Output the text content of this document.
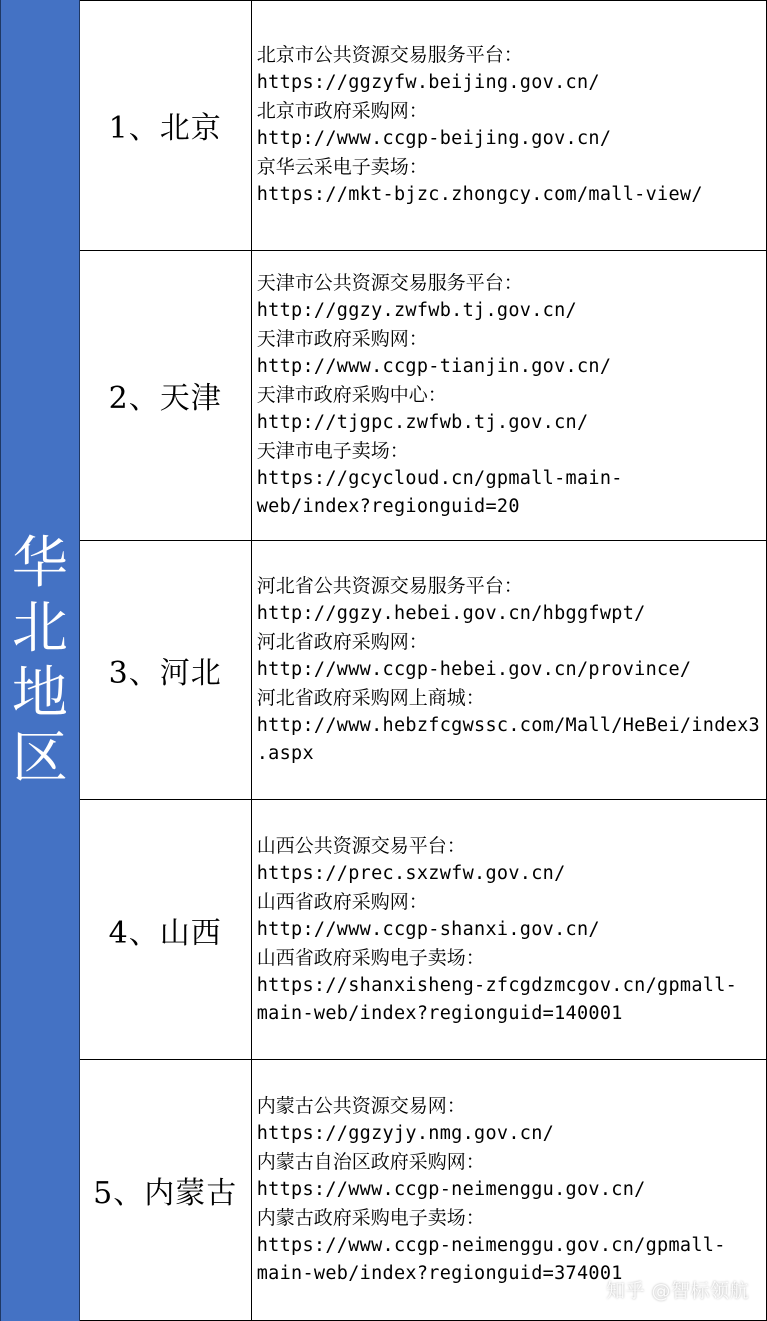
华北地区
1、北京
北京市公共资源交易服务平台：
https://ggzyfw.beijing.gov.cn/
北京市政府采购网：
http://www.ccgp-beijing.gov.cn/
京华云采电子卖场：
https://mkt-bjzc.zhongcy.com/mall-view/
2、天津
天津市公共资源交易服务平台：
http://ggzy.zwfwb.tj.gov.cn/
天津市政府采购网：
http://www.ccgp-tianjin.gov.cn/
天津市政府采购中心：
http://tjgpc.zwfwb.tj.gov.cn/
天津市电子卖场：
https://gcycloud.cn/gpmall-main-
web/index?regionguid=20
3、河北
河北省公共资源交易服务平台：
http://ggzy.hebei.gov.cn/hbggfwpt/
河北省政府采购网：
http://www.ccgp-hebei.gov.cn/province/
河北省政府采购网上商城：
http://www.hebzfcgwssc.com/Mall/HeBei/index3
.aspx
4、山西
山西公共资源交易平台：
https://prec.sxzwfw.gov.cn/
山西省政府采购网：
http://www.ccgp-shanxi.gov.cn/
山西省政府采购电子卖场：
https://shanxisheng-zfcgdzmcgov.cn/gpmall-
main-web/index?regionguid=140001
5、内蒙古
内蒙古公共资源交易网：
https://ggzyjy.nmg.gov.cn/
内蒙古自治区政府采购网：
https://www.ccgp-neimenggu.gov.cn/
内蒙古政府采购电子卖场：
https://www.ccgp-neimenggu.gov.cn/gpmall-
main-web/index?regionguid=374001
知乎 @智标领航
